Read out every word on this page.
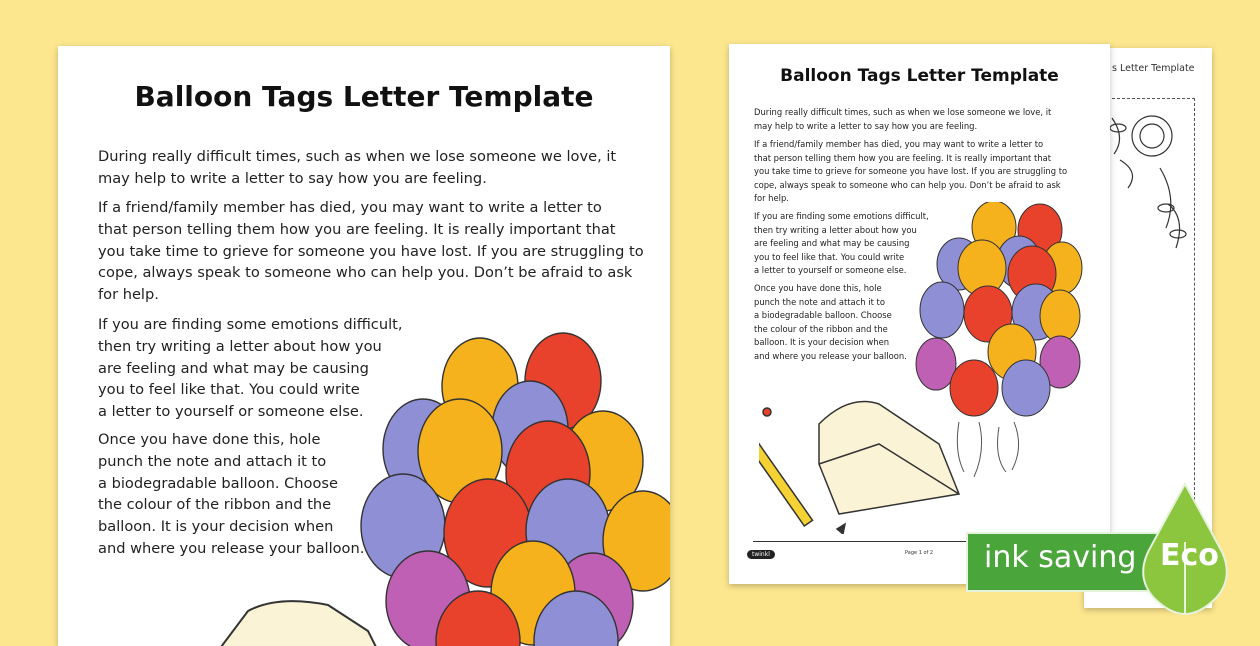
Balloon Tags Letter Template

During really difficult times, such as when we lose someone we love, it

may help to write a letter to say how you are feeling.

If a friend/family member has died, you may want to write a letter to

that person telling them how you are feeling. It is really important that

you take time to grieve for someone you have lost. If you are struggling to

cope, always speak to someone who can help you. Don’t be afraid to ask

for help.

If you are finding some emotions difficult,

then try writing a letter about how you

are feeling and what may be causing

you to feel like that. You could write

a letter to yourself or someone else.

Once you have done this, hole

punch the note and attach it to

a biodegradable balloon. Choose

the colour of the ribbon and the

balloon. It is your decision when

and where you release your balloon.

s Letter Template
Balloon Tags Letter Template

During really difficult times, such as when we lose someone we love, it

may help to write a letter to say how you are feeling.

If a friend/family member has died, you may want to write a letter to

that person telling them how you are feeling. It is really important that

you take time to grieve for someone you have lost. If you are struggling to

cope, always speak to someone who can help you. Don’t be afraid to ask

for help.

If you are finding some emotions difficult,

then try writing a letter about how you

are feeling and what may be causing

you to feel like that. You could write

a letter to yourself or someone else.

Once you have done this, hole

punch the note and attach it to

a biodegradable balloon. Choose

the colour of the ribbon and the

balloon. It is your decision when

and where you release your balloon.

twinkl	Page 1 of 2 ink saving Eco
